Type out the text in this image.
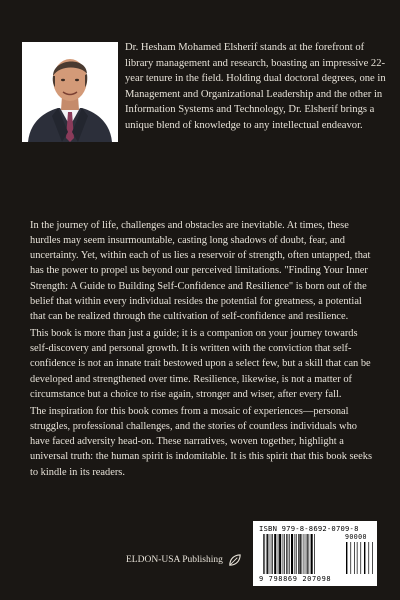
Dr. Hesham Mohamed Elsherif stands at the forefront of library management and research, boasting an impressive 22-year tenure in the field. Holding dual doctoral degrees, one in Management and Organizational Leadership and the other in Information Systems and Technology, Dr. Elsherif brings a unique blend of knowledge to any intellectual endeavor.

In the journey of life, challenges and obstacles are inevitable. At times, these hurdles may seem insurmountable, casting long shadows of doubt, fear, and uncertainty. Yet, within each of us lies a reservoir of strength, often untapped, that has the power to propel us beyond our perceived limitations. "Finding Your Inner Strength: A Guide to Building Self-Confidence and Resilience" is born out of the belief that within every individual resides the potential for greatness, a potential that can be realized through the cultivation of self-confidence and resilience.

This book is more than just a guide; it is a companion on your journey towards self-discovery and personal growth. It is written with the conviction that self-confidence is not an innate trait bestowed upon a select few, but a skill that can be developed and strengthened over time. Resilience, likewise, is not a matter of circumstance but a choice to rise again, stronger and wiser, after every fall.

The inspiration for this book comes from a mosaic of experiences—personal struggles, professional challenges, and the stories of countless individuals who have faced adversity head-on. These narratives, woven together, highlight a universal truth: the human spirit is indomitable. It is this spirit that this book seeks to kindle in its readers.

ELDON-USA Publishing
ISBN 979-8-8692-0709-8
90000
9 798869 207098
